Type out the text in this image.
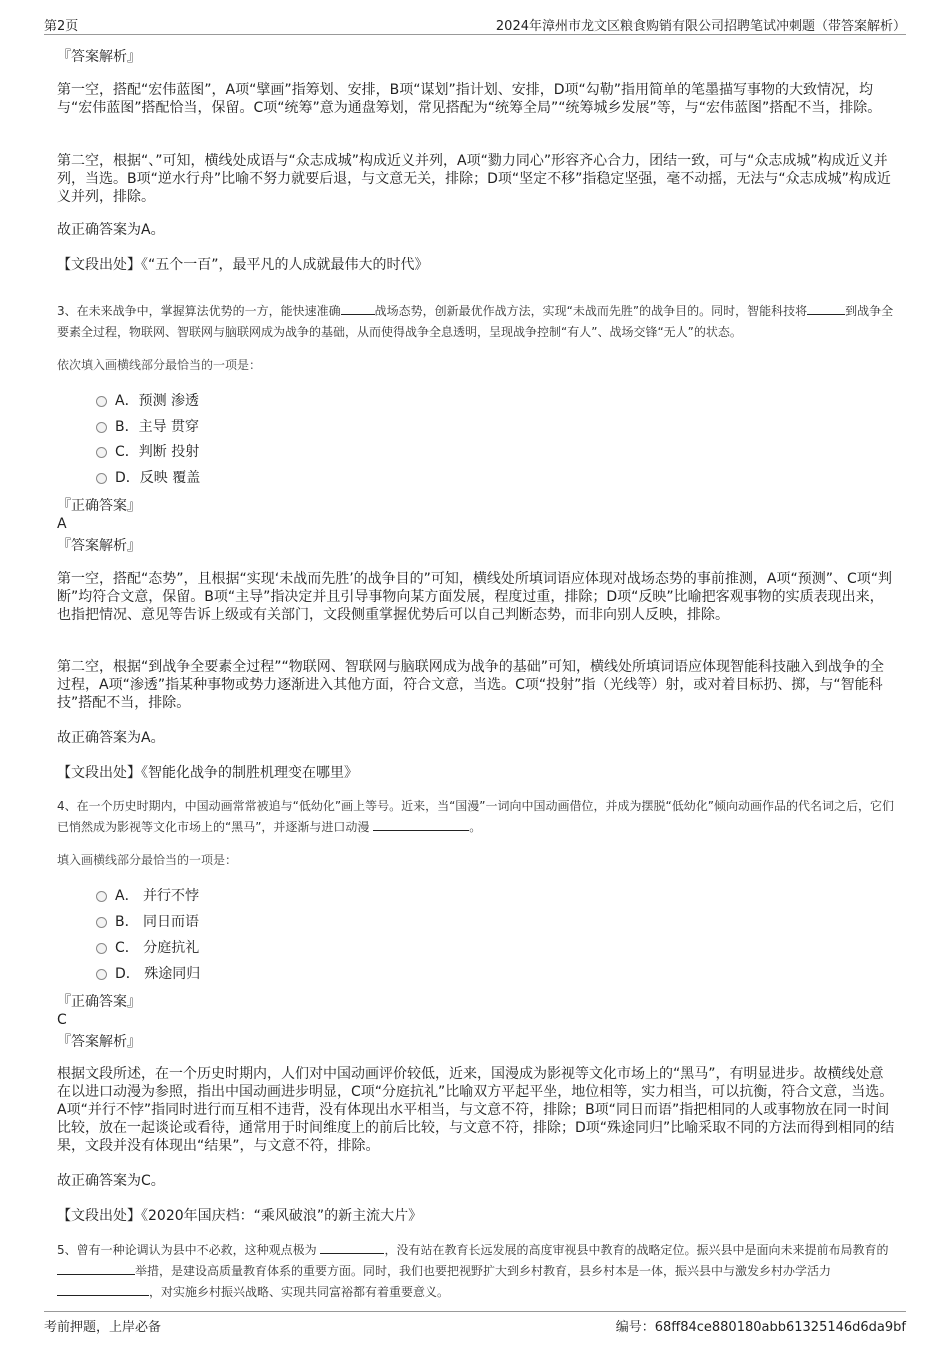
第2页	2024年漳州市龙文区粮食购销有限公司招聘笔试冲刺题（带答案解析）
『答案解析』
第一空，搭配“宏伟蓝图”，A项“擘画”指筹划、安排，B项“谋划”指计划、安排，D项“勾勒”指用简单的笔墨描写事物的大致情况，均与“宏伟蓝图”搭配恰当，保留。C项“统筹”意为通盘筹划，常见搭配为“统筹全局”“统筹城乡发展”等，与“宏伟蓝图”搭配不当，排除。
第二空，根据“、”可知，横线处成语与“众志成城”构成近义并列，A项“勠力同心”形容齐心合力，团结一致，可与“众志成城”构成近义并列，当选。B项“逆水行舟”比喻不努力就要后退，与文意无关，排除；D项“坚定不移”指稳定坚强，毫不动摇，无法与“众志成城”构成近义并列，排除。
故正确答案为A。
【文段出处】《“五个一百”，最平凡的人成就最伟大的时代》
3、在未来战争中，掌握算法优势的一方，能快速准确	战场态势，创新最优作战方法，实现“未战而先胜”的战争目的。同时，智能科技将	到战争全要素全过程，物联网、智联网与脑联网成为战争的基础，从而使得战争全息透明，呈现战争控制“有人”、战场交锋“无人”的状态。
依次填入画横线部分最恰当的一项是：
A．预测 渗透
B．主导 贯穿
C．判断 投射
D．反映 覆盖
『正确答案』
A
『答案解析』
第一空，搭配“态势”，且根据“实现‘未战而先胜’的战争目的”可知，横线处所填词语应体现对战场态势的事前推测，A项“预测”、C项“判断”均符合文意，保留。B项“主导”指决定并且引导事物向某方面发展，程度过重，排除；D项“反映”比喻把客观事物的实质表现出来，也指把情况、意见等告诉上级或有关部门，文段侧重掌握优势后可以自己判断态势，而非向别人反映，排除。
第二空，根据“到战争全要素全过程”“物联网、智联网与脑联网成为战争的基础”可知，横线处所填词语应体现智能科技融入到战争的全过程，A项“渗透”指某种事物或势力逐渐进入其他方面，符合文意，当选。C项“投射”指（光线等）射，或对着目标扔、掷，与“智能科技”搭配不当，排除。
故正确答案为A。
【文段出处】《智能化战争的制胜机理变在哪里》
4、在一个历史时期内，中国动画常常被追与“低幼化”画上等号。近来，当“国漫”一词向中国动画借位，并成为摆脱“低幼化”倾向动画作品的代名词之后，它们已悄然成为影视等文化市场上的“黑马”，并逐渐与进口动漫	。
填入画横线部分最恰当的一项是：
A． 并行不悖
B． 同日而语
C． 分庭抗礼
D． 殊途同归
『正确答案』
C
『答案解析』
根据文段所述，在一个历史时期内，人们对中国动画评价较低，近来，国漫成为影视等文化市场上的“黑马”，有明显进步。故横线处意在以进口动漫为参照，指出中国动画进步明显，C项“分庭抗礼”比喻双方平起平坐，地位相等，实力相当，可以抗衡，符合文意，当选。A项“并行不悖”指同时进行而互相不违背，没有体现出水平相当，与文意不符，排除；B项“同日而语”指把相同的人或事物放在同一时间比较，放在一起谈论或看待，通常用于时间维度上的前后比较，与文意不符，排除；D项“殊途同归”比喻采取不同的方法而得到相同的结果，文段并没有体现出“结果”，与文意不符，排除。
故正确答案为C。
【文段出处】《2020年国庆档：“乘风破浪”的新主流大片》
5、曾有一种论调认为县中不必救，这种观点极为	，没有站在教育长远发展的高度审视县中教育的战略定位。振兴县中是面向未来提前布局教育的 举措，是建设高质量教育体系的重要方面。同时，我们也要把视野扩大到乡村教育，县乡村本是一体，振兴县中与激发乡村办学活力 ，对实施乡村振兴战略、实现共同富裕都有着重要意义。
考前押题，上岸必备	编号：68ff84ce880180abb61325146d6da9bf
